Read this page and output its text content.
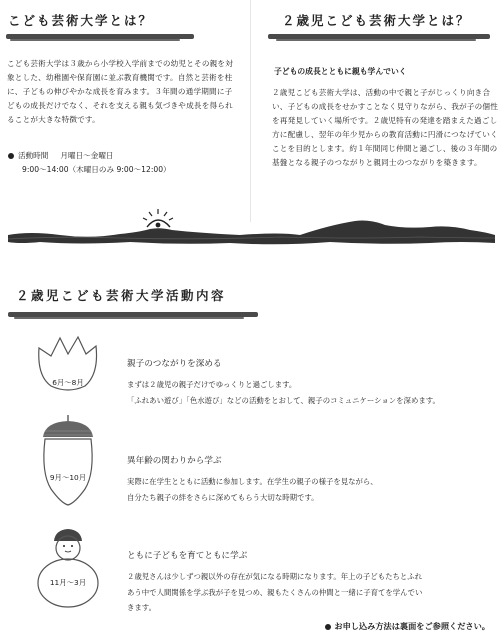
こども芸術大学とは？

こども芸術大学は３歳から小学校入学前までの幼児とその親を対象とした、幼稚園や保育園に並ぶ教育機関です。自然と芸術を柱に、子どもの伸びやかな成長を育みます。３年間の通学期間に子どもの成長だけでなく、それを支える親も気づきや成長を得られることが大きな特徴です。

活動時間 月曜日～金曜日
9:00～14:00（木曜日のみ 9:00～12:00）
２歳児こども芸術大学とは？
子どもの成長とともに親も学んでいく

２歳児こども芸術大学は、活動の中で親と子がじっくり向き合い、子どもの成長をせかすことなく見守りながら、我が子の個性を再発見していく場所です。２歳児特有の発達を踏まえた過ごし方に配慮し、翌年の年少児からの教育活動に円滑につなげていくことを目的とします。約１年間同じ仲間と過ごし、後の３年間の基盤となる親子のつながりと親同士のつながりを築きます。

２歳児こども芸術大学活動内容
6月～8月
親子のつながりを深める
まずは２歳児の親子だけでゆっくりと過ごします。
「ふれあい遊び」「色水遊び」などの活動をとおして、親子のコミュニケーションを深めます。
9月～10月
異年齢の関わりから学ぶ
実際に在学生とともに活動に参加します。在学生の親子の様子を見ながら、
自分たち親子の絆をさらに深めてもらう大切な時期です。
11月～3月
ともに子どもを育てともに学ぶ
２歳児さんは少しずつ親以外の存在が気になる時期になります。年上の子どもたちとふれ
あう中で人間関係を学ぶ我が子を見つめ、親もたくさんの仲間と一緒に子育てを学んでい
きます。
お申し込み方法は裏面をご参照ください。
